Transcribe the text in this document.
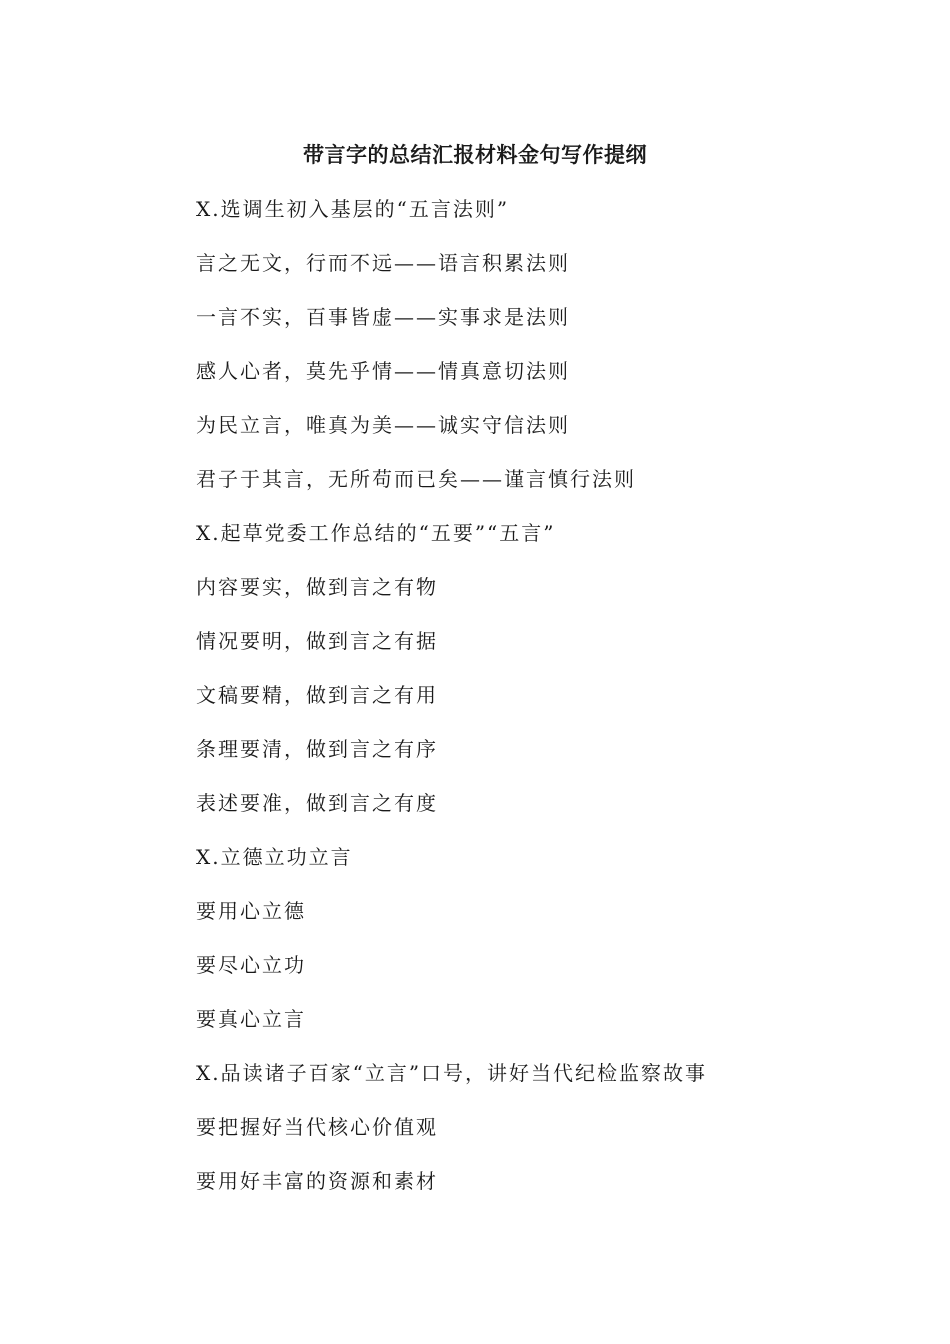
带言字的总结汇报材料金句写作提纲
X.选调生初入基层的“五言法则”
言之无文，行而不远——语言积累法则
一言不实，百事皆虚——实事求是法则
感人心者，莫先乎情——情真意切法则
为民立言，唯真为美——诚实守信法则
君子于其言，无所苟而已矣——谨言慎行法则
X.起草党委工作总结的“五要”“五言”
内容要实，做到言之有物
情况要明，做到言之有据
文稿要精，做到言之有用
条理要清，做到言之有序
表述要准，做到言之有度
X.立德立功立言
要用心立德
要尽心立功
要真心立言
X.品读诸子百家“立言”口号，讲好当代纪检监察故事
要把握好当代核心价值观
要用好丰富的资源和素材
